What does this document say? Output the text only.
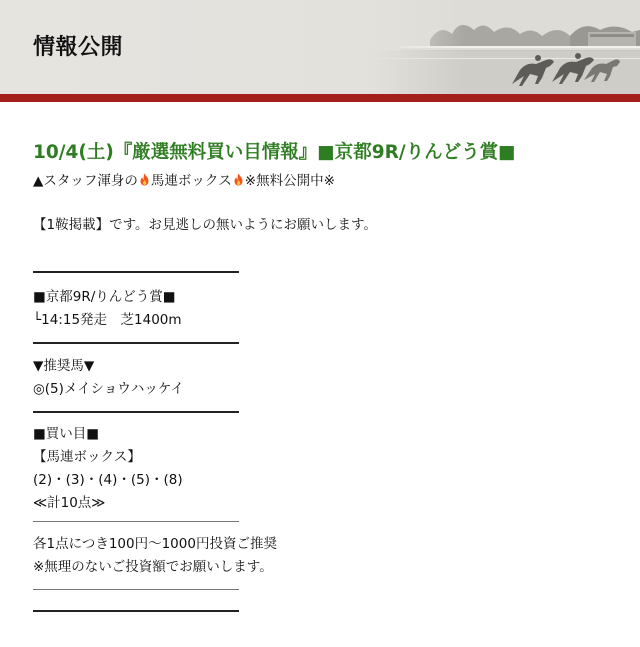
情報公開
10/4(土)『厳選無料買い目情報』■京都9R/りんどう賞■
▲スタッフ渾身の 馬連ボックス ※無料公開中※
【1鞍掲載】です。お見逃しの無いようにお願いします。
■京都9R/りんどう賞■
└14:15発走　芝1400m
▼推奨馬▼
◎(5)メイショウハッケイ
■買い目■
【馬連ボックス】
(2)・(3)・(4)・(5)・(8)
≪計10点≫
各1点につき100円〜1000円投資ご推奨
※無理のないご投資額でお願いします。
